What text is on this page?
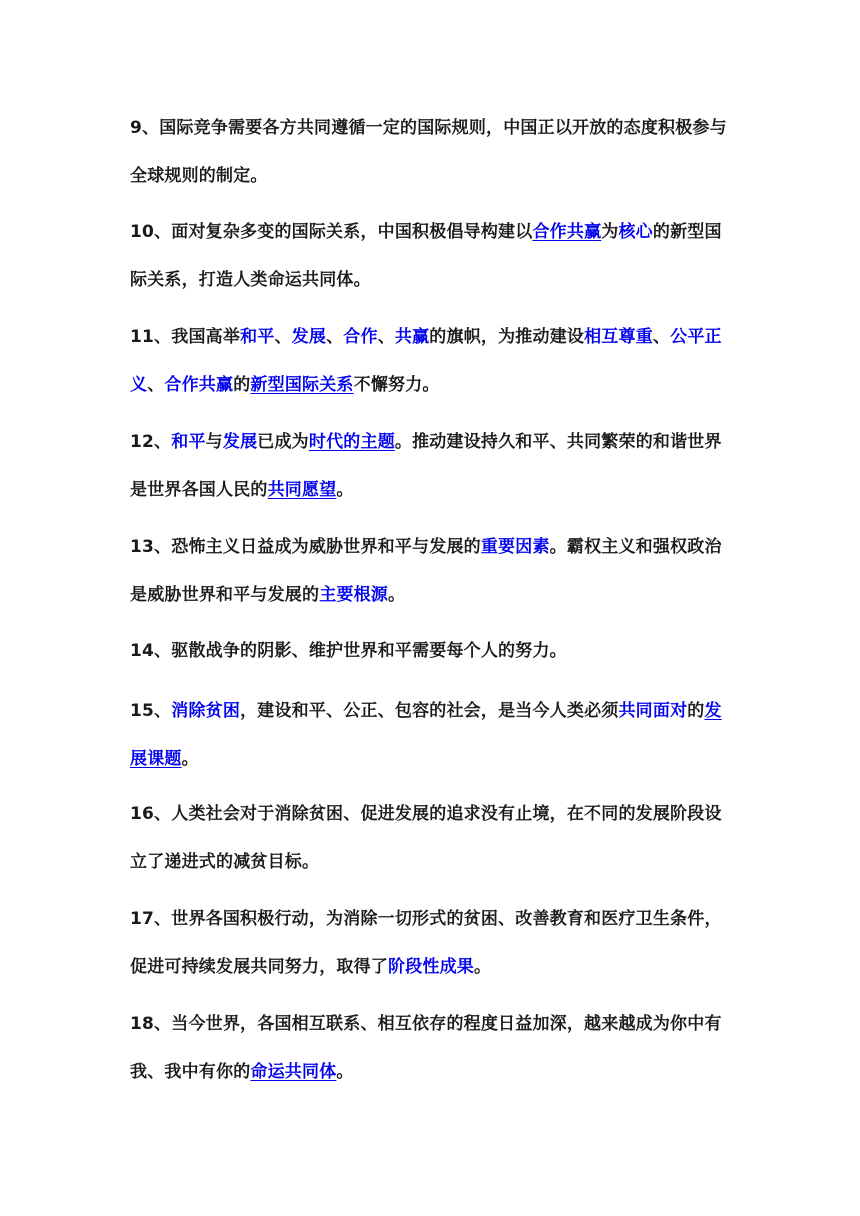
9、国际竞争需要各方共同遵循一定的国际规则，中国正以开放的态度积极参与全球规则的制定。
10、面对复杂多变的国际关系，中国积极倡导构建以合作共赢为核心的新型国际关系，打造人类命运共同体。
11、我国高举和平、发展、合作、共赢的旗帜，为推动建设相互尊重、公平正义、合作共赢的新型国际关系不懈努力。
12、和平与发展已成为时代的主题。推动建设持久和平、共同繁荣的和谐世界是世界各国人民的共同愿望。
13、恐怖主义日益成为威胁世界和平与发展的重要因素。霸权主义和强权政治是威胁世界和平与发展的主要根源。
14、驱散战争的阴影、维护世界和平需要每个人的努力。
15、消除贫困，建设和平、公正、包容的社会，是当今人类必须共同面对的发展课题。
16、人类社会对于消除贫困、促进发展的追求没有止境，在不同的发展阶段设立了递进式的减贫目标。
17、世界各国积极行动，为消除一切形式的贫困、改善教育和医疗卫生条件，促进可持续发展共同努力，取得了阶段性成果。
18、当今世界，各国相互联系、相互依存的程度日益加深，越来越成为你中有我、我中有你的命运共同体。
